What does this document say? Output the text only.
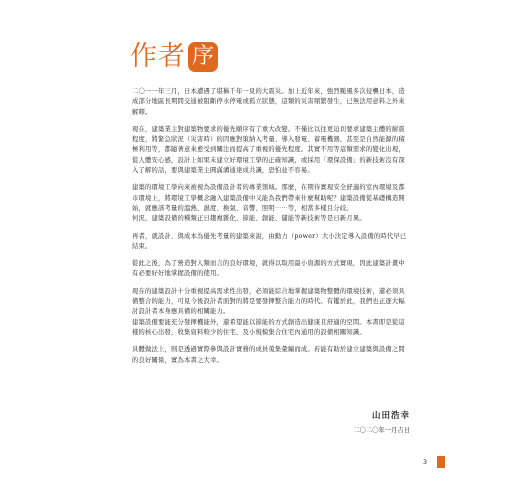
作者 序

二〇一一年三月，日本遭遇了堪稱千年一見的大震災。加上近年來，強烈颱風多次侵襲日本，造成部分地區長期間交通被阻斷停水停電或孤立狀態，這類的災害頻繁發生，已無法用意料之外來解釋。

現在，建築業主對建築物要求的優先順序有了重大改變。不僅比以往更迫切要求建築主體的耐震程度，將緊急狀況（災害時）的因應對策納入考量、導入發電、蓄電機器，甚至是自然能源的積極利用等，都隨著意來愈受到關注而提高了重視的優先程度。其實不用等這類需求的變化出現，從人體安心感，設計上如果未建立好環境工學的正確知識，或採用「環保設備」的新技術沒有深入了解的話，要與建築業主圓滿溝通達成共識，恐怕並不容易。

建築的環境工學向來被視為設備設計者的專業領域。那麼，在期待實現安全舒適的室內環境及都市環境上，將環境工學概念融入建築設備中又能為我們帶來什麼幫助呢？建築設備從基礎構造開始，就應該考量的溫熱、濕度、換氣、音響、照明⋯⋯等，相當多樣且分歧。

何況，建築設備的種類正日趨複雜化，節能、創能、儲能等新技術等是日新月異。

再者，就設計、與成本為優先考量的建築來說，由動力（power）大小決定導入設備的時代早已結束。

從此之後，為了營造對人類而言的良好環境，就得以取用最小資源的方式實現，因此建築計畫中有必要好好地掌握設備的使用。

現在的建築設計十分重視提高需求性出發，必須能綜合地掌握建築物整體的環境技術，還必須具備整合的能力，可見今後設計者面對的將是要發揮整合能力的時代。有鑑於此，我們也正逐大幅討設計者本身應具備的相關能力。

建築設備要能充分發揮機能外，還希望能以節能的方式創造出健康且舒適的空間。本書即是從這樣的核心出發，收集資料較少的住宅、及小規模集合住宅內通用的設備相關知識。

具體做法上，則是透過實際參與設計實務的成員蒐集彙編而成。若能有助於建立建築與設備之間的良好關係，實為本書之大幸。

山田浩幸
二〇二〇年一月吉日
3
